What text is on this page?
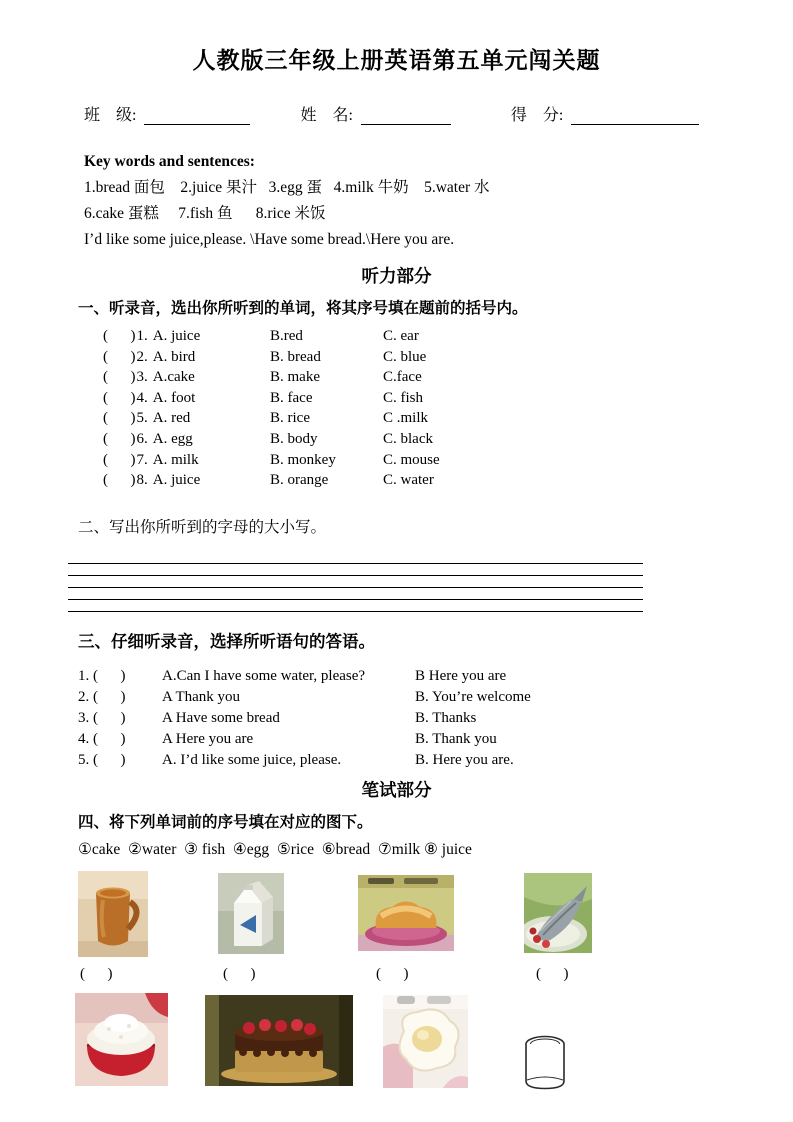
人教版三年级上册英语第五单元闯关题
班　级:	姓　名:	得　分:
Key words and sentences:
1.bread 面包    2.juice 果汁   3.egg 蛋   4.milk 牛奶    5.water 水
6.cake 蛋糕     7.fish 鱼      8.rice 米饭
I’d like some juice,please. \Have some bread.\Here you are.
听力部分
一、听录音，选出你所听到的单词，将其序号填在题前的括号内。
(      )1. A. juice	B.red	C. ear
(      )2. A. bird	B. bread	C. blue
(      )3. A.cake	B. make	C.face
(      )4. A. foot	B. face	C. fish
(      )5. A. red	B. rice	C .milk
(      )6. A. egg	B. body	C. black
(      )7. A. milk	B. monkey	C. mouse
(      )8. A. juice	B. orange	C. water
二、写出你所听到的字母的大小写。
三、仔细听录音，选择所听语句的答语。
1. (      )	A.Can I have some water, please?	B Here you are
2. (      )	A Thank you	B. You’re welcome
3. (      )	A Have some bread	B. Thanks
4. (      )	A Here you are	B. Thank you
5. (      )	A. I’d like some juice, please.	B. Here you are.
笔试部分
四、将下列单词前的序号填在对应的图下。
①cake  ②water  ③ fish  ④egg  ⑤rice  ⑥bread  ⑦milk ⑧ juice
(      )	(      )	(      )	(      )
